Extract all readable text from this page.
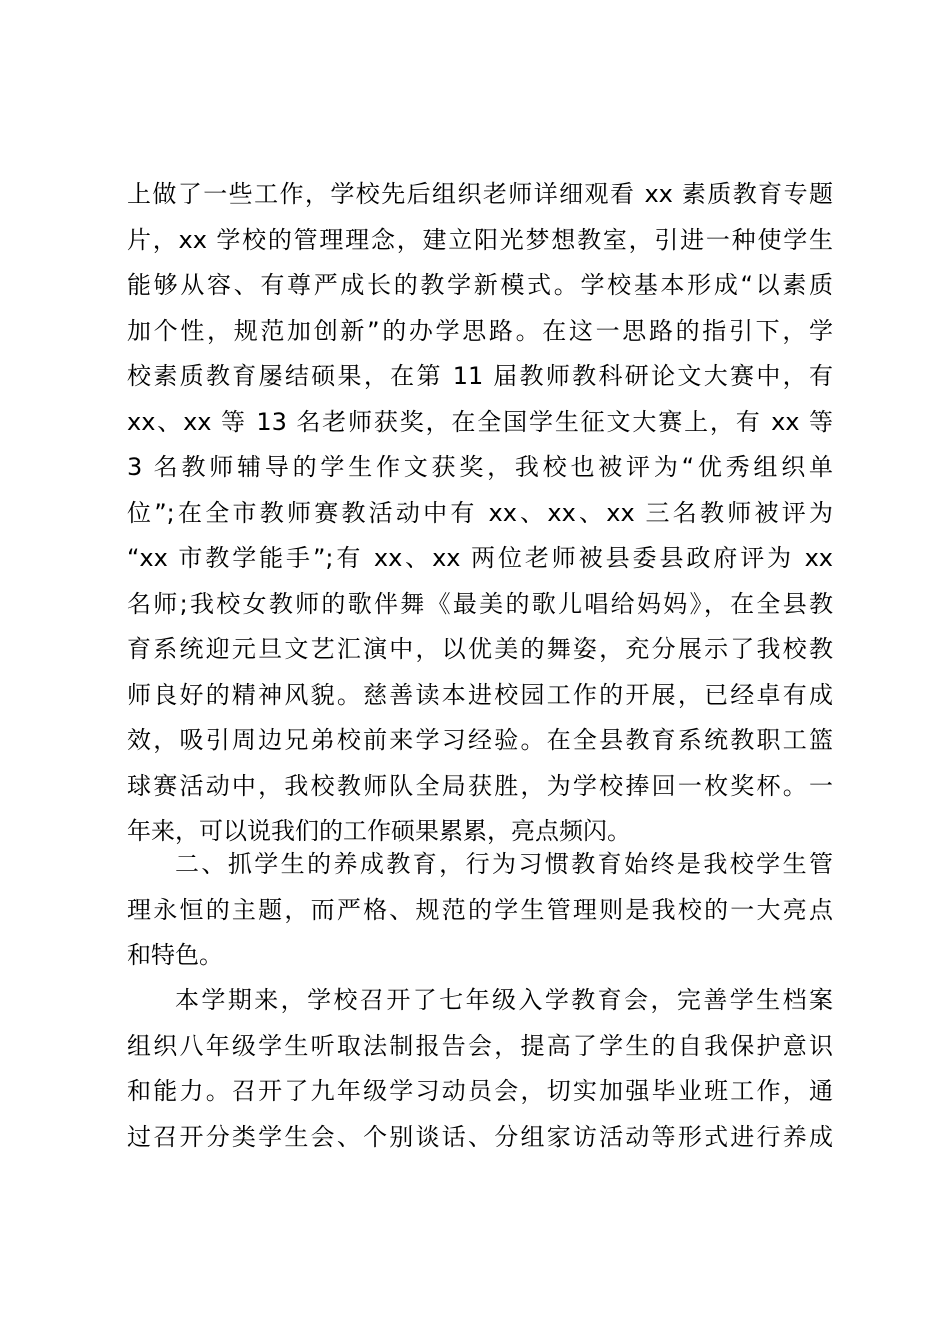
上做了一些工作，学校先后组织老师详细观看 xx 素质教育专题
片，xx 学校的管理理念，建立阳光梦想教室，引进一种使学生
能够从容、有尊严成长的教学新模式。学校基本形成“以素质
加个性，规范加创新”的办学思路。在这一思路的指引下，学
校素质教育屡结硕果，在第 11 届教师教科研论文大赛中，有
xx、xx 等 13 名老师获奖，在全国学生征文大赛上，有 xx 等
3 名教师辅导的学生作文获奖，我校也被评为“优秀组织单
位”;在全市教师赛教活动中有 xx、xx、xx 三名教师被评为
“xx 市教学能手”;有 xx、xx 两位老师被县委县政府评为 xx
名师;我校女教师的歌伴舞《最美的歌儿唱给妈妈》，在全县教
育系统迎元旦文艺汇演中，以优美的舞姿，充分展示了我校教
师良好的精神风貌。慈善读本进校园工作的开展，已经卓有成
效，吸引周边兄弟校前来学习经验。在全县教育系统教职工篮
球赛活动中，我校教师队全局获胜，为学校捧回一枚奖杯。一
年来，可以说我们的工作硕果累累，亮点频闪。
二、抓学生的养成教育，行为习惯教育始终是我校学生管
理永恒的主题，而严格、规范的学生管理则是我校的一大亮点
和特色。
本学期来，学校召开了七年级入学教育会，完善学生档案
组织八年级学生听取法制报告会，提高了学生的自我保护意识
和能力。召开了九年级学习动员会，切实加强毕业班工作，通
过召开分类学生会、个别谈话、分组家访活动等形式进行养成
